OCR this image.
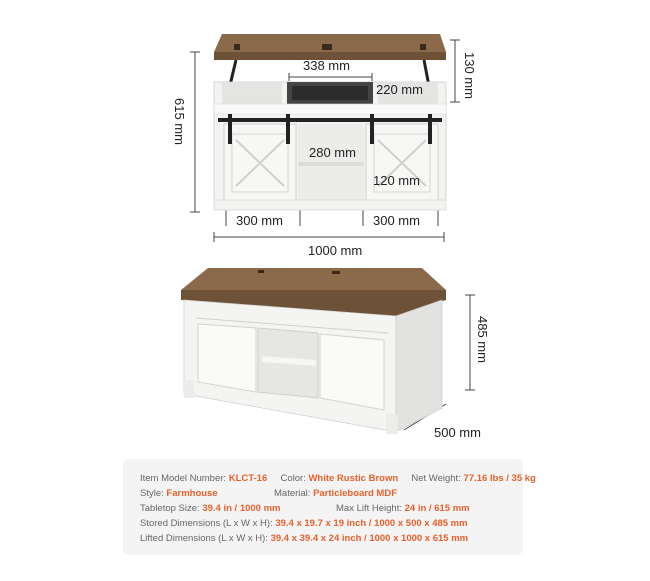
338 mm
220 mm	130 mm
615 mm
280 mm
120 mm
300 mm	300 mm
1000 mm
485 mm
500 mm
Item Model Number: KLCT-16 Color: White Rustic Brown Net Weight: 77.16 lbs / 35 kg
Style: Farmhouse	Material: Particleboard MDF
Tabletop Size: 39.4 in / 1000 mm	Max Lift Height: 24 in / 615 mm
Stored Dimensions (L x W x H): 39.4 x 19.7 x 19 inch / 1000 x 500 x 485 mm
Lifted Dimensions (L x W x H): 39.4 x 39.4 x 24 inch / 1000 x 1000 x 615 mm
